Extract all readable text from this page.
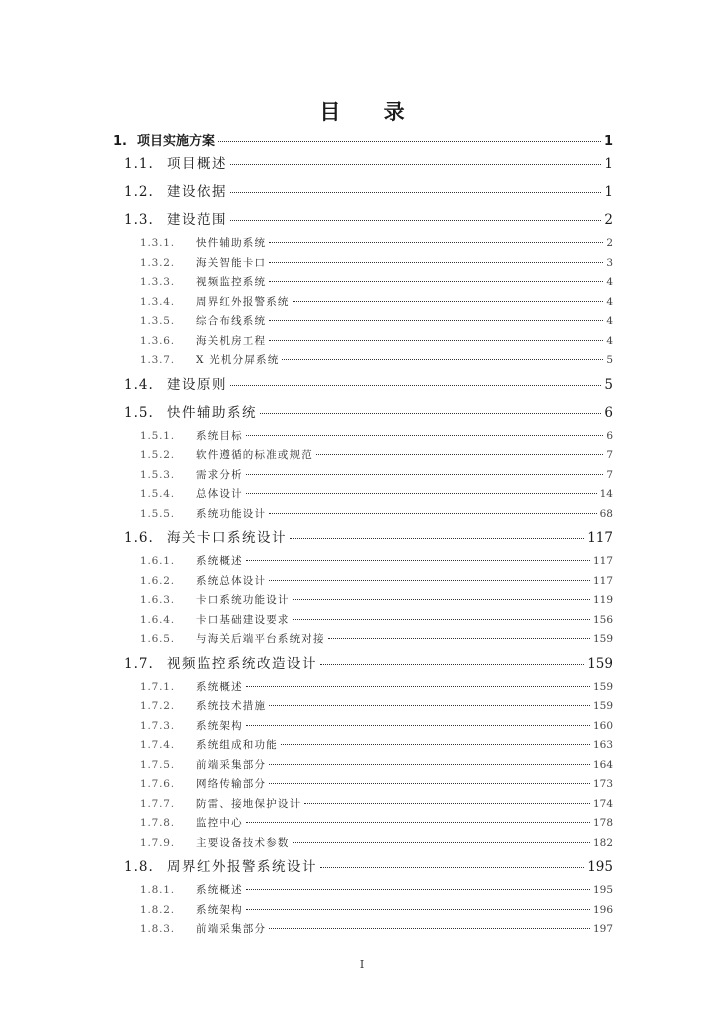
目 录
1. 项目实施方案	1
1.1. 项目概述	1
1.2. 建设依据	1
1.3. 建设范围	2
1.3.1.	快件辅助系统	2
1.3.2.	海关智能卡口	3
1.3.3.	视频监控系统	4
1.3.4.	周界红外报警系统	4
1.3.5.	综合布线系统	4
1.3.6.	海关机房工程	4
1.3.7.	X 光机分屏系统	5
1.4. 建设原则	5
1.5. 快件辅助系统	6
1.5.1.	系统目标	6
1.5.2.	软件遵循的标准或规范	7
1.5.3.	需求分析	7
1.5.4.	总体设计	14
1.5.5.	系统功能设计	68
1.6. 海关卡口系统设计	117
1.6.1.	系统概述	117
1.6.2.	系统总体设计	117
1.6.3.	卡口系统功能设计	119
1.6.4.	卡口基础建设要求	156
1.6.5.	与海关后端平台系统对接	159
1.7. 视频监控系统改造设计	159
1.7.1.	系统概述	159
1.7.2.	系统技术措施	159
1.7.3.	系统架构	160
1.7.4.	系统组成和功能	163
1.7.5.	前端采集部分	164
1.7.6.	网络传输部分	173
1.7.7.	防雷、接地保护设计	174
1.7.8.	监控中心	178
1.7.9.	主要设备技术参数	182
1.8. 周界红外报警系统设计	195
1.8.1.	系统概述	195
1.8.2.	系统架构	196
1.8.3.	前端采集部分	197
I
